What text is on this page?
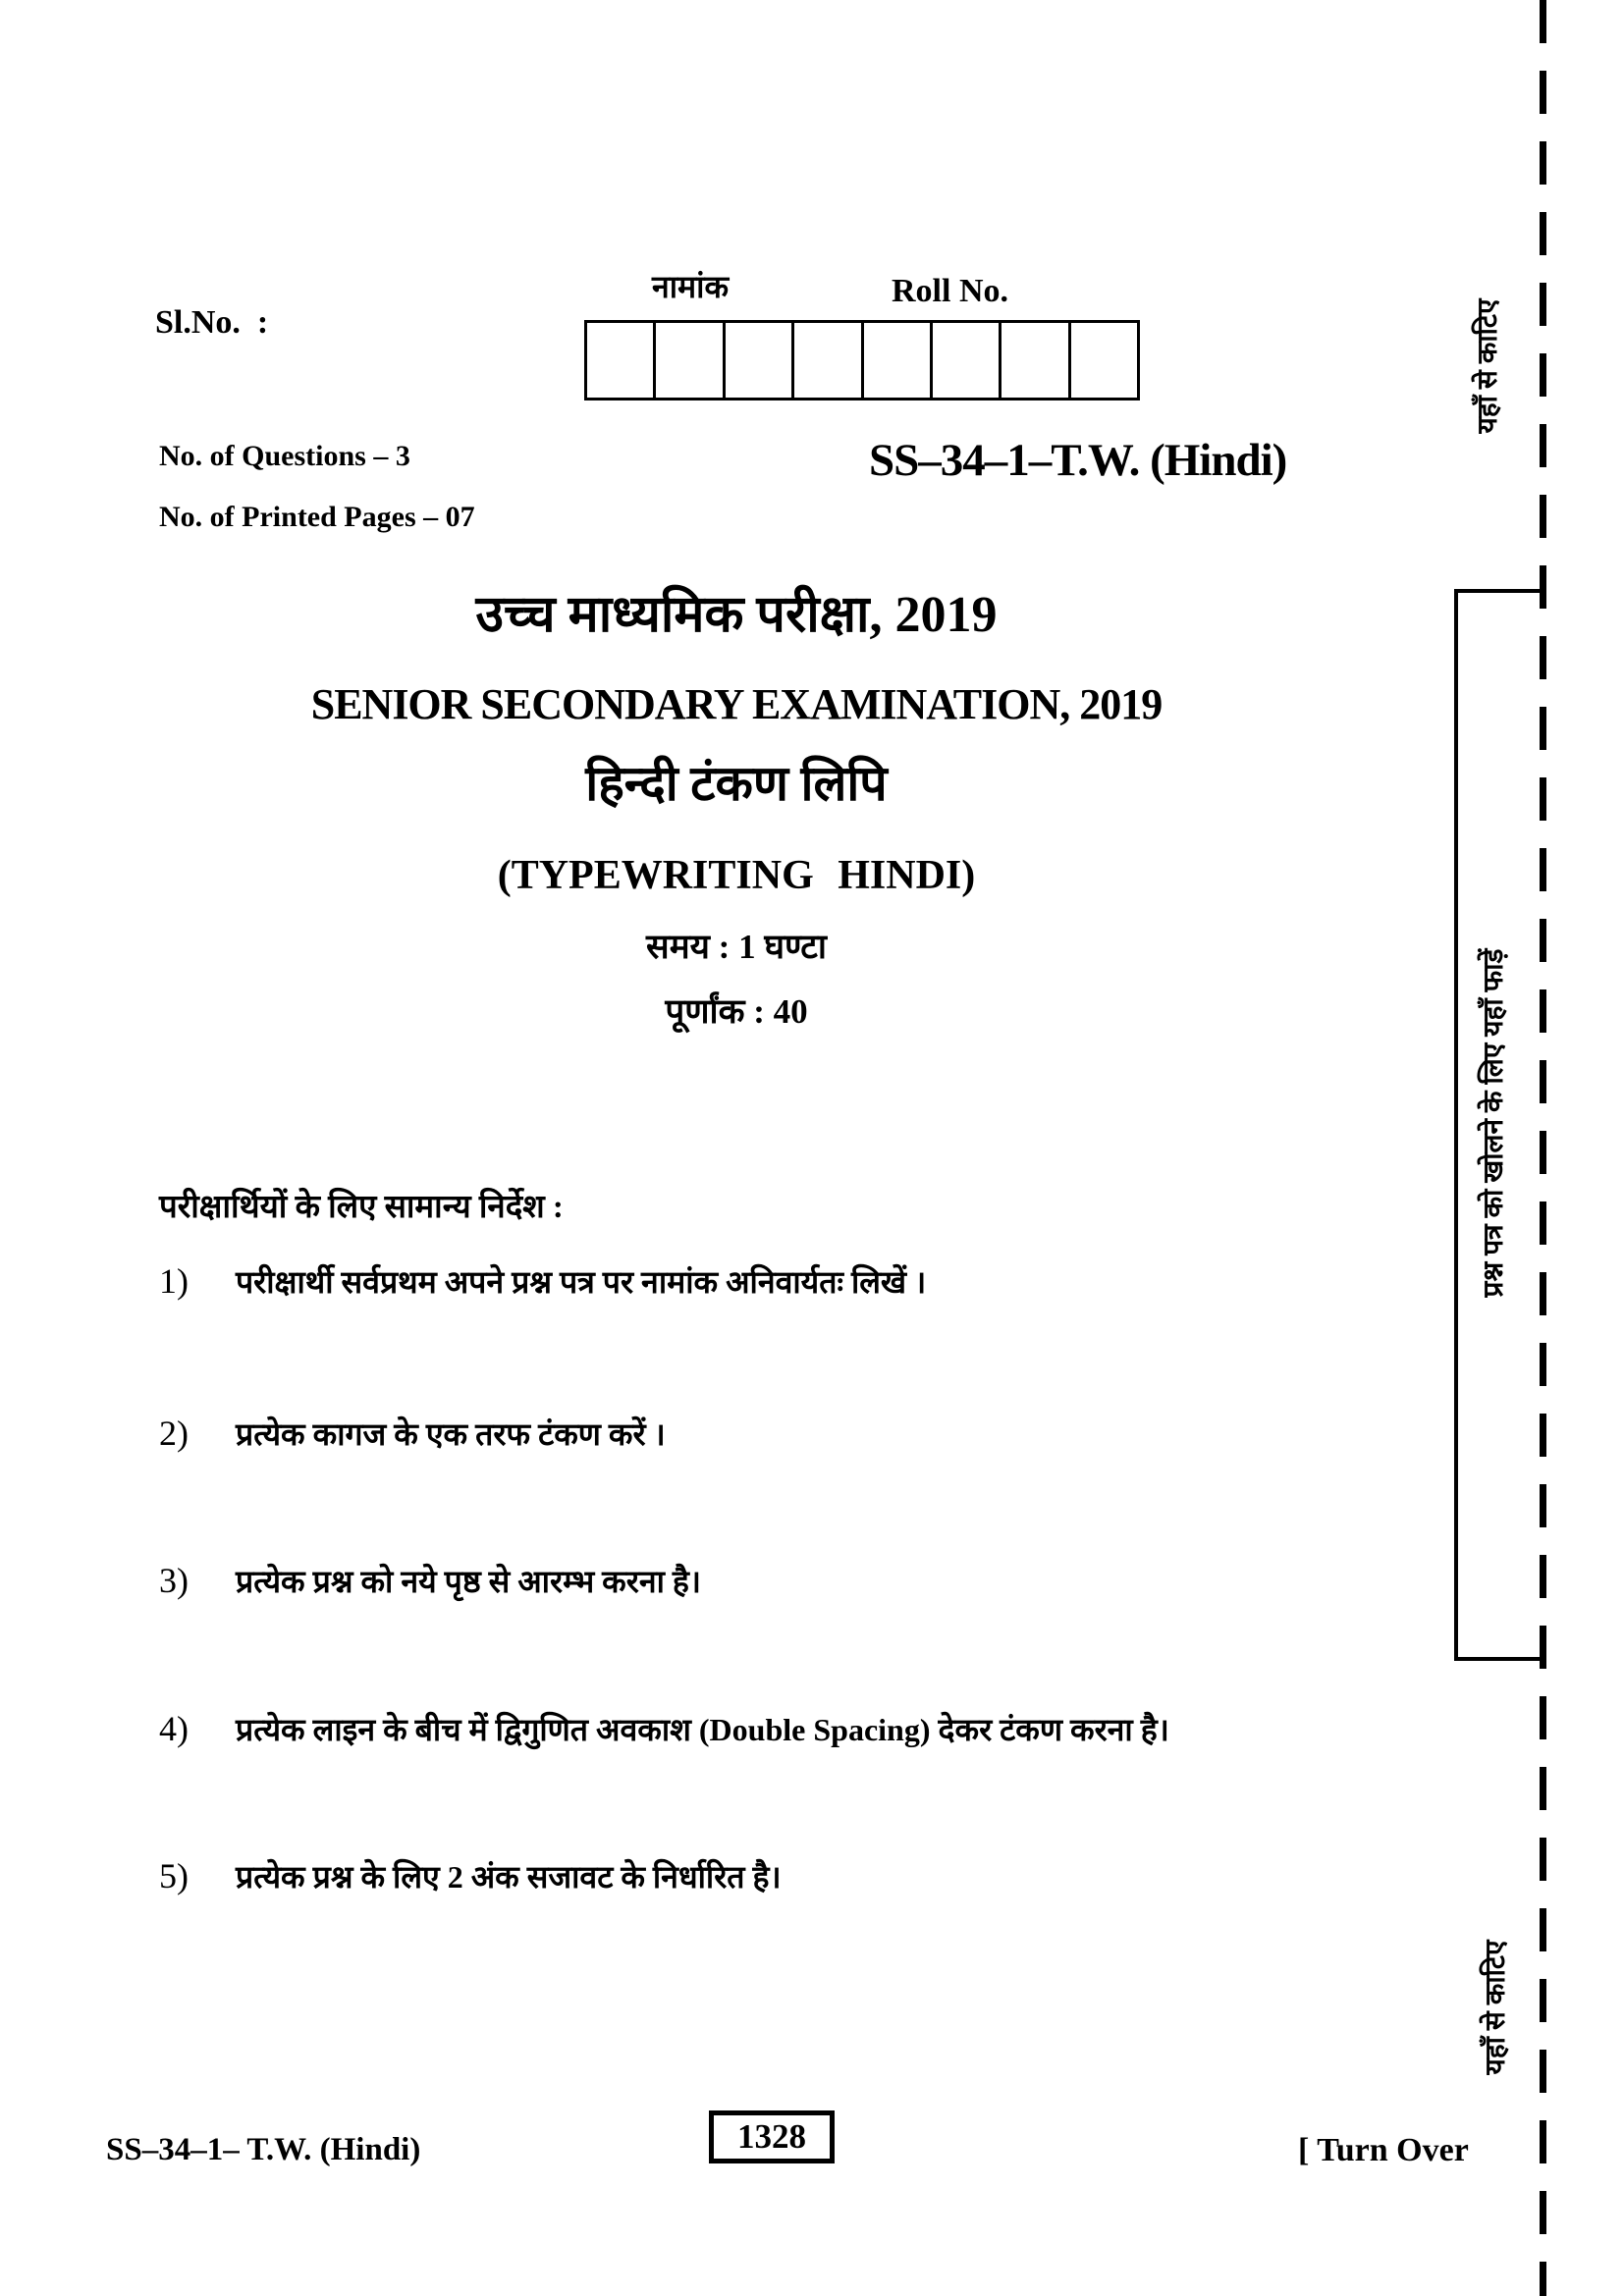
Sl.No.  :
नामांक	Roll No.
No. of Questions – 3
No. of Printed Pages – 07
SS–34–1–T.W. (Hindi)
उच्च माध्यमिक परीक्षा, 2019
SENIOR SECONDARY EXAMINATION, 2019
हिन्दी टंकण लिपि
(TYPEWRITING HINDI)
समय : 1 घण्टा
पूर्णांक : 40
परीक्षार्थियों के लिए सामान्य निर्देश :
1) परीक्षार्थी सर्वप्रथम अपने प्रश्न पत्र पर नामांक अनिवार्यतः लिखें ।
2) प्रत्येक कागज के एक तरफ टंकण करें ।
3) प्रत्येक प्रश्न को नये पृष्ठ से आरम्भ करना है।
4) प्रत्येक लाइन के बीच में द्विगुणित अवकाश (Double Spacing) देकर टंकण करना है।
5) प्रत्येक प्रश्न के लिए 2 अंक सजावट के निर्धारित है।
SS–34–1– T.W. (Hindi)	1328	[ Turn Over
यहाँ से काटिए
प्रश्न पत्र को खोलने के लिए यहाँ फाड़ें
यहाँ से काटिए
